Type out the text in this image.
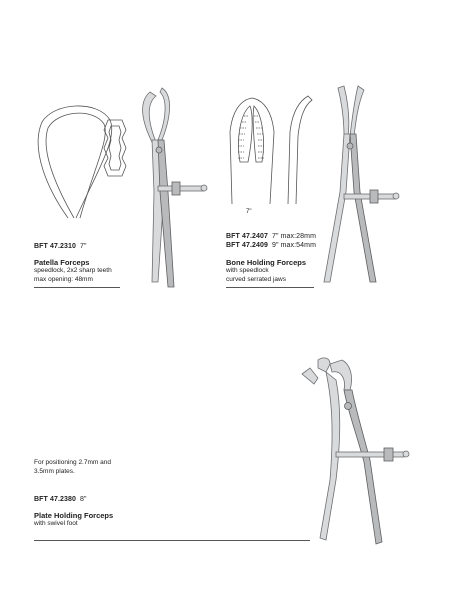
BFT 47.2310 7"
Patella Forceps
speedlock, 2x2 sharp teeth
max opening: 48mm
7"
BFT 47.2407 7" max:28mm
BFT 47.2409 9" max:54mm
Bone Holding Forceps
with speedlock
curved serrated jaws
For positioning 2.7mm and
3.5mm plates.
BFT 47.2380 8"
Plate Holding Forceps
with swivel foot
